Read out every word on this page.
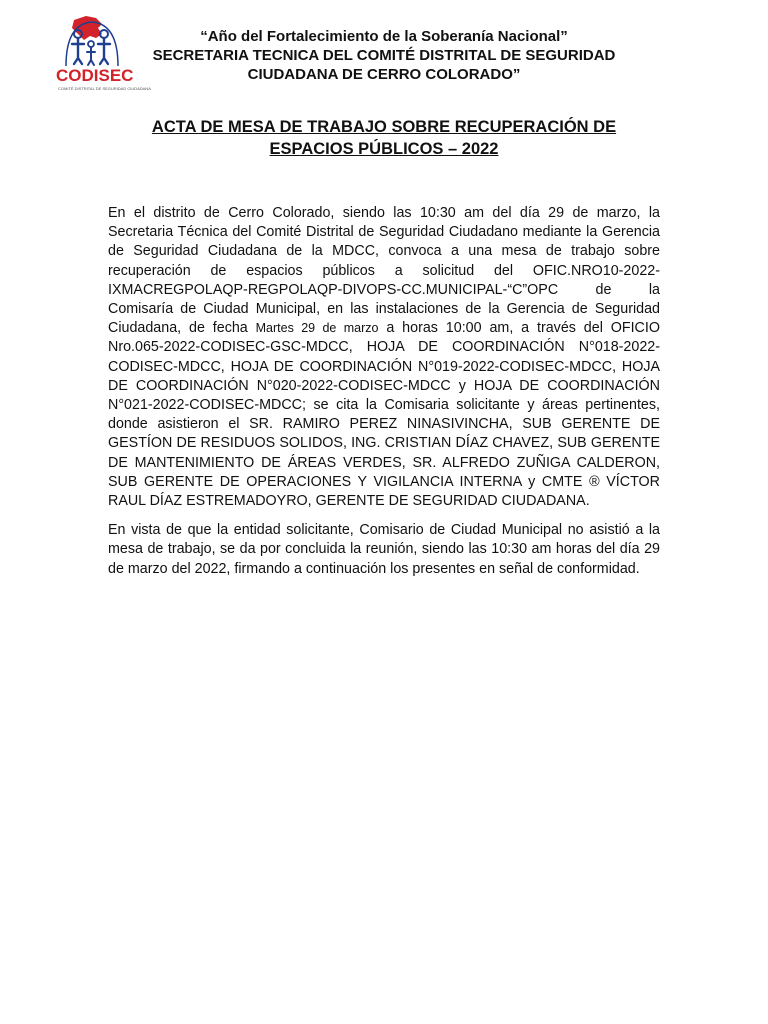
CODISEC
COMITÉ DISTRITAL DE SEGURIDAD CIUDADANA
“Año del Fortalecimiento de la Soberanía Nacional”
SECRETARIA TECNICA DEL COMITÉ DISTRITAL DE SEGURIDAD
CIUDADANA DE CERRO COLORADO”
ACTA DE MESA DE TRABAJO SOBRE RECUPERACIÓN DE
ESPACIOS PÚBLICOS – 2022

En el distrito de Cerro Colorado, siendo las 10:30 am del día 29 de marzo, la Secretaria Técnica del Comité Distrital de Seguridad Ciudadano mediante la Gerencia de Seguridad Ciudadana de la MDCC, convoca a una mesa de trabajo sobre recuperación de espacios públicos a solicitud del OFIC.NRO10-2022-IXMACREGPOLAQP-REGPOLAQP-DIVOPS-CC.MUNICIPAL-“C”OPC de la Comisaría de Ciudad Municipal, en las instalaciones de la Gerencia de Seguridad Ciudadana, de fecha Martes 29 de marzo a horas 10:00 am, a través del OFICIO Nro.065-2022-CODISEC-GSC-MDCC, HOJA DE COORDINACIÓN N°018-2022-CODISEC-MDCC, HOJA DE COORDINACIÓN N°019-2022-CODISEC-MDCC, HOJA DE COORDINACIÓN N°020-2022-CODISEC-MDCC y HOJA DE COORDINACIÓN N°021-2022-CODISEC-MDCC; se cita la Comisaria solicitante y áreas pertinentes, donde asistieron el SR. RAMIRO PEREZ NINASIVINCHA, SUB GERENTE DE GESTÍON DE RESIDUOS SOLIDOS, ING. CRISTIAN DÍAZ CHAVEZ, SUB GERENTE DE MANTENIMIENTO DE ÁREAS VERDES, SR. ALFREDO ZUÑIGA CALDERON, SUB GERENTE DE OPERACIONES Y VIGILANCIA INTERNA y CMTE ® VÍCTOR RAUL DÍAZ ESTREMADOYRO, GERENTE DE SEGURIDAD CIUDADANA.

En vista de que la entidad solicitante, Comisario de Ciudad Municipal no asistió a la mesa de trabajo, se da por concluida la reunión, siendo las 10:30 am horas del día 29 de marzo del 2022, firmando a continuación los presentes en señal de conformidad.
